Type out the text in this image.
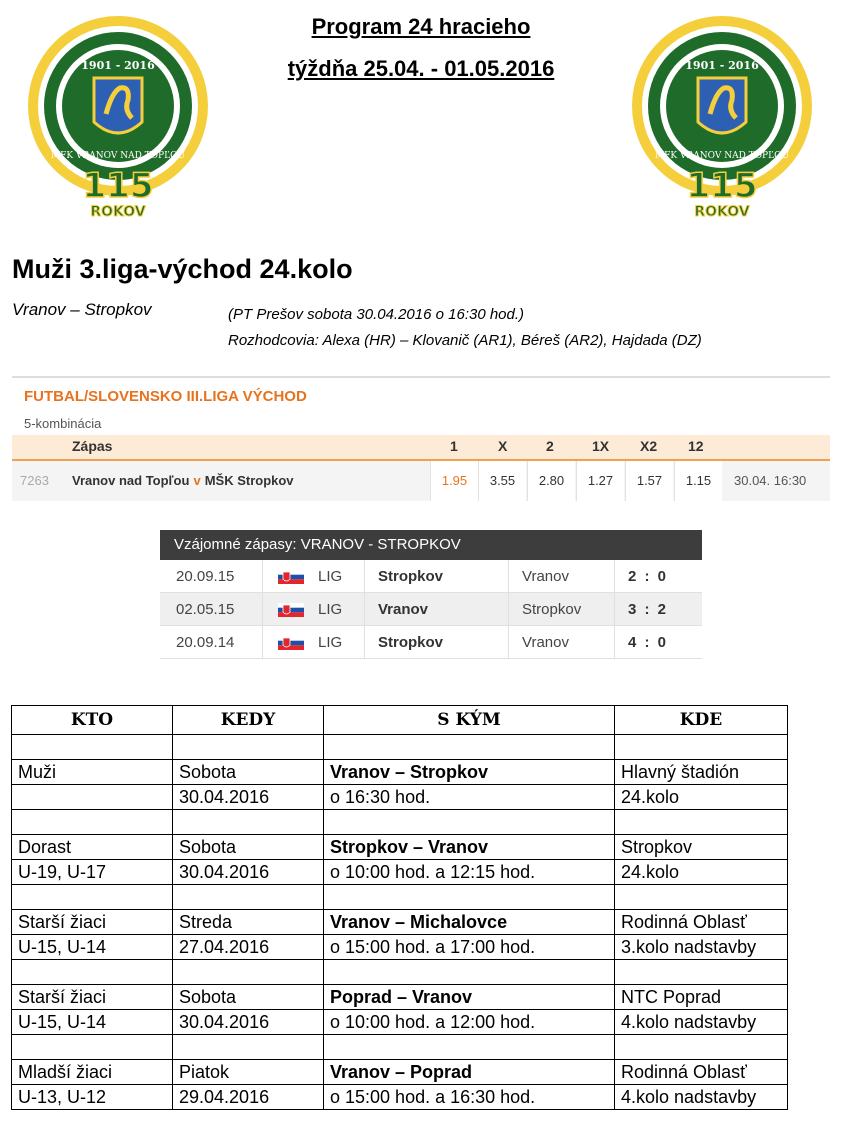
1901 - 2016
MFK VRANOV NAD TOPĽOU
115
ROKOV
1901 - 2016
MFK VRANOV NAD TOPĽOU
115
ROKOV
Program 24 hracieho
týždňa 25.04. - 01.05.2016
Muži 3.liga-východ 24.kolo
Vranov – Stropkov	(PT Prešov sobota 30.04.2016 o 16:30 hod.)
Rozhodcovia: Alexa (HR) – Klovanič (AR1), Béreš (AR2), Hajdada (DZ)
FUTBAL/SLOVENSKO III.LIGA VÝCHOD
5-kombinácia
Zápas	1	X	2	1X X2 12
7263 Vranov nad Topľou v MŠK Stropkov	1.95	3.55	2.80	1.27	1.57	1.15	30.04. 16:30
Vzájomné zápasy: VRANOV - STROPKOV
20.09.15	LIG Stropkov	Vranov	2 : 0
02.05.15	LIG Vranov	Stropkov	3 : 2
20.09.14	LIG Stropkov	Vranov	4 : 0
KTO	KEDY	S KÝM	KDE

Muži	Sobota	Vranov – Stropkov	Hlavný štadión
	30.04.2016	o 16:30 hod.	24.kolo

Dorast	Sobota	Stropkov – Vranov	Stropkov
U-19, U-17	30.04.2016	o 10:00 hod. a 12:15 hod.	24.kolo

Starší žiaci	Streda	Vranov – Michalovce	Rodinná Oblasť
U-15, U-14	27.04.2016	o 15:00 hod. a 17:00 hod.	3.kolo nadstavby

Starší žiaci	Sobota	Poprad – Vranov	NTC Poprad
U-15, U-14	30.04.2016	o 10:00 hod. a 12:00 hod.	4.kolo nadstavby

Mladší žiaci	Piatok	Vranov – Poprad	Rodinná Oblasť
U-13, U-12	29.04.2016	o 15:00 hod. a 16:30 hod.	4.kolo nadstavby
